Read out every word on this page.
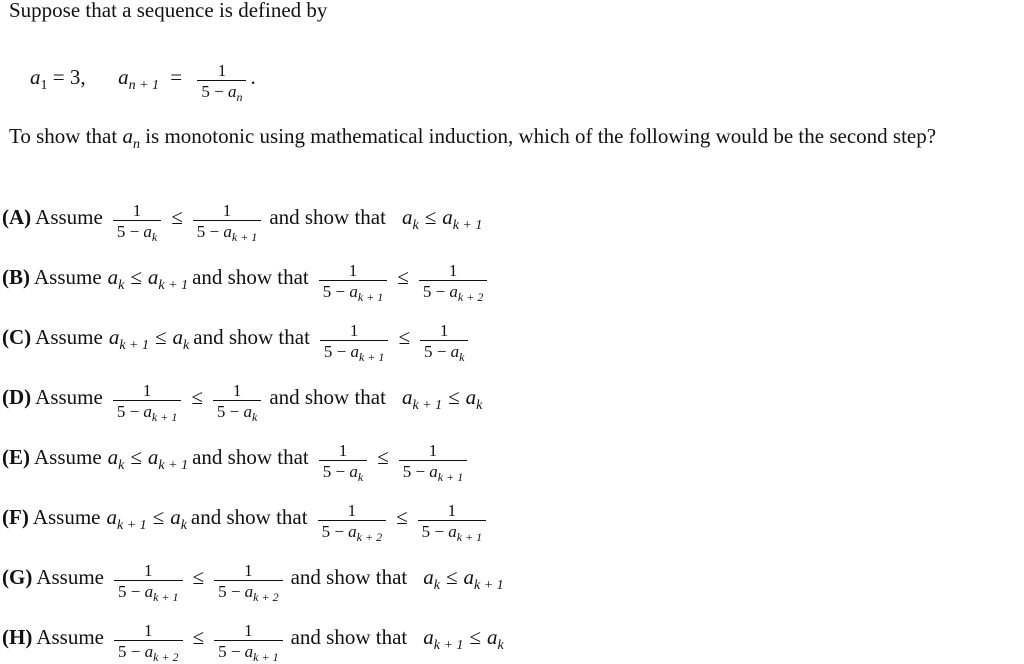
Suppose that a sequence is defined by
$a_1 = 3$, $a_{n + 1} = \frac{1}{5 - a_n}$ .
To show that $a_n$ is monotonic using mathematical induction, which of the following would be the second step?
(A) Assume $\frac{1}{5 - a_k} \le \frac{1}{5 - a_{k + 1}}$ and show that $a_k \le a_{k + 1}$
(B) Assume $a_k \le a_{k + 1}$ and show that $\frac{1}{5 - a_{k + 1}} \le \frac{1}{5 - a_{k + 2}}$
(C) Assume $a_{k + 1} \le a_k$ and show that $\frac{1}{5 - a_{k + 1}} \le \frac{1}{5 - a_k}$
(D) Assume $\frac{1}{5 - a_{k + 1}} \le \frac{1}{5 - a_k}$ and show that $a_{k + 1} \le a_k$
(E) Assume $a_k \le a_{k + 1}$ and show that $\frac{1}{5 - a_k} \le \frac{1}{5 - a_{k + 1}}$
(F) Assume $a_{k + 1} \le a_k$ and show that $\frac{1}{5 - a_{k + 2}} \le \frac{1}{5 - a_{k + 1}}$
(G) Assume $\frac{1}{5 - a_{k + 1}} \le \frac{1}{5 - a_{k + 2}}$ and show that $a_k \le a_{k + 1}$
(H) Assume $\frac{1}{5 - a_{k + 2}} \le \frac{1}{5 - a_{k + 1}}$ and show that $a_{k + 1} \le a_k$
